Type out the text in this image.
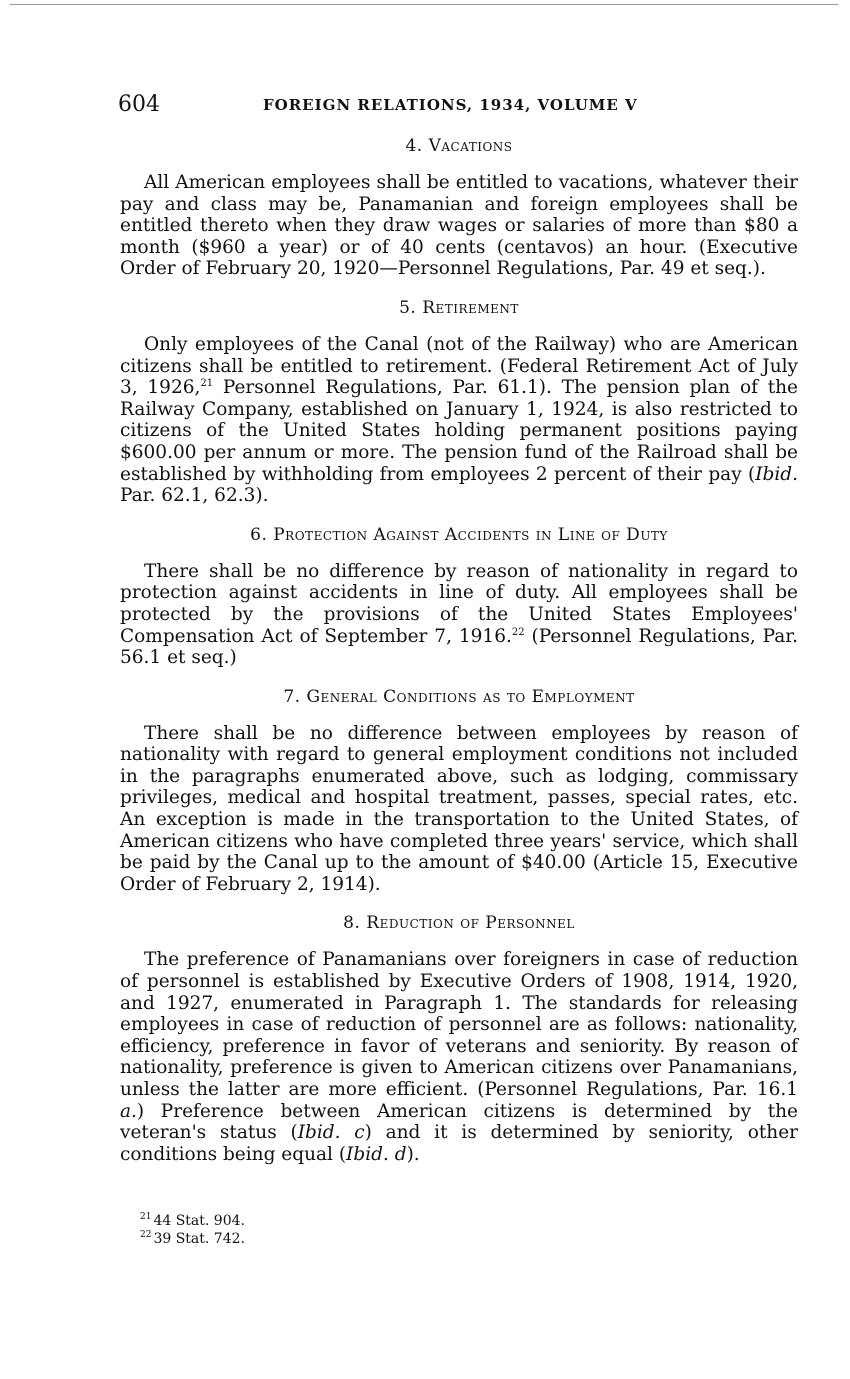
604	FOREIGN RELATIONS, 1934, VOLUME V
4. Vacations

All American employees shall be entitled to vacations, whatever their pay and class may be, Panamanian and foreign employees shall be entitled thereto when they draw wages or salaries of more than $80 a month ($960 a year) or of 40 cents (centavos) an hour. (Executive Order of February 20, 1920—Personnel Regulations, Par. 49 et seq.).

5. Retirement

Only employees of the Canal (not of the Railway) who are American citizens shall be entitled to retirement. (Federal Retirement Act of July 3, 1926,21 Personnel Regulations, Par. 61.1). The pension plan of the Railway Company, established on January 1, 1924, is also restricted to citizens of the United States holding permanent positions paying $600.00 per annum or more. The pension fund of the Railroad shall be established by withholding from employees 2 percent of their pay (Ibid. Par. 62.1, 62.3).

6. Protection Against Accidents in Line of Duty

There shall be no difference by reason of nationality in regard to protection against accidents in line of duty. All employees shall be protected by the provisions of the United States Employees' Compensation Act of September 7, 1916.22 (Personnel Regulations, Par. 56.1 et seq.)

7. General Conditions as to Employment

There shall be no difference between employees by reason of nationality with regard to general employment conditions not included in the paragraphs enumerated above, such as lodging, commissary privileges, medical and hospital treatment, passes, special rates, etc. An exception is made in the transportation to the United States, of American citizens who have completed three years' service, which shall be paid by the Canal up to the amount of $40.00 (Article 15, Executive Order of February 2, 1914).

8. Reduction of Personnel

The preference of Panamanians over foreigners in case of reduction of personnel is established by Executive Orders of 1908, 1914, 1920, and 1927, enumerated in Paragraph 1. The standards for releasing employees in case of reduction of personnel are as follows: nationality, efficiency, preference in favor of veterans and seniority. By reason of nationality, preference is given to American citizens over Panamanians, unless the latter are more efficient. (Personnel Regulations, Par. 16.1 a.) Preference between American citizens is determined by the veteran's status (Ibid. c) and it is determined by seniority, other conditions being equal (Ibid. d).

$^{21}$ 44 Stat. 904.
$^{22}$ 39 Stat. 742.
